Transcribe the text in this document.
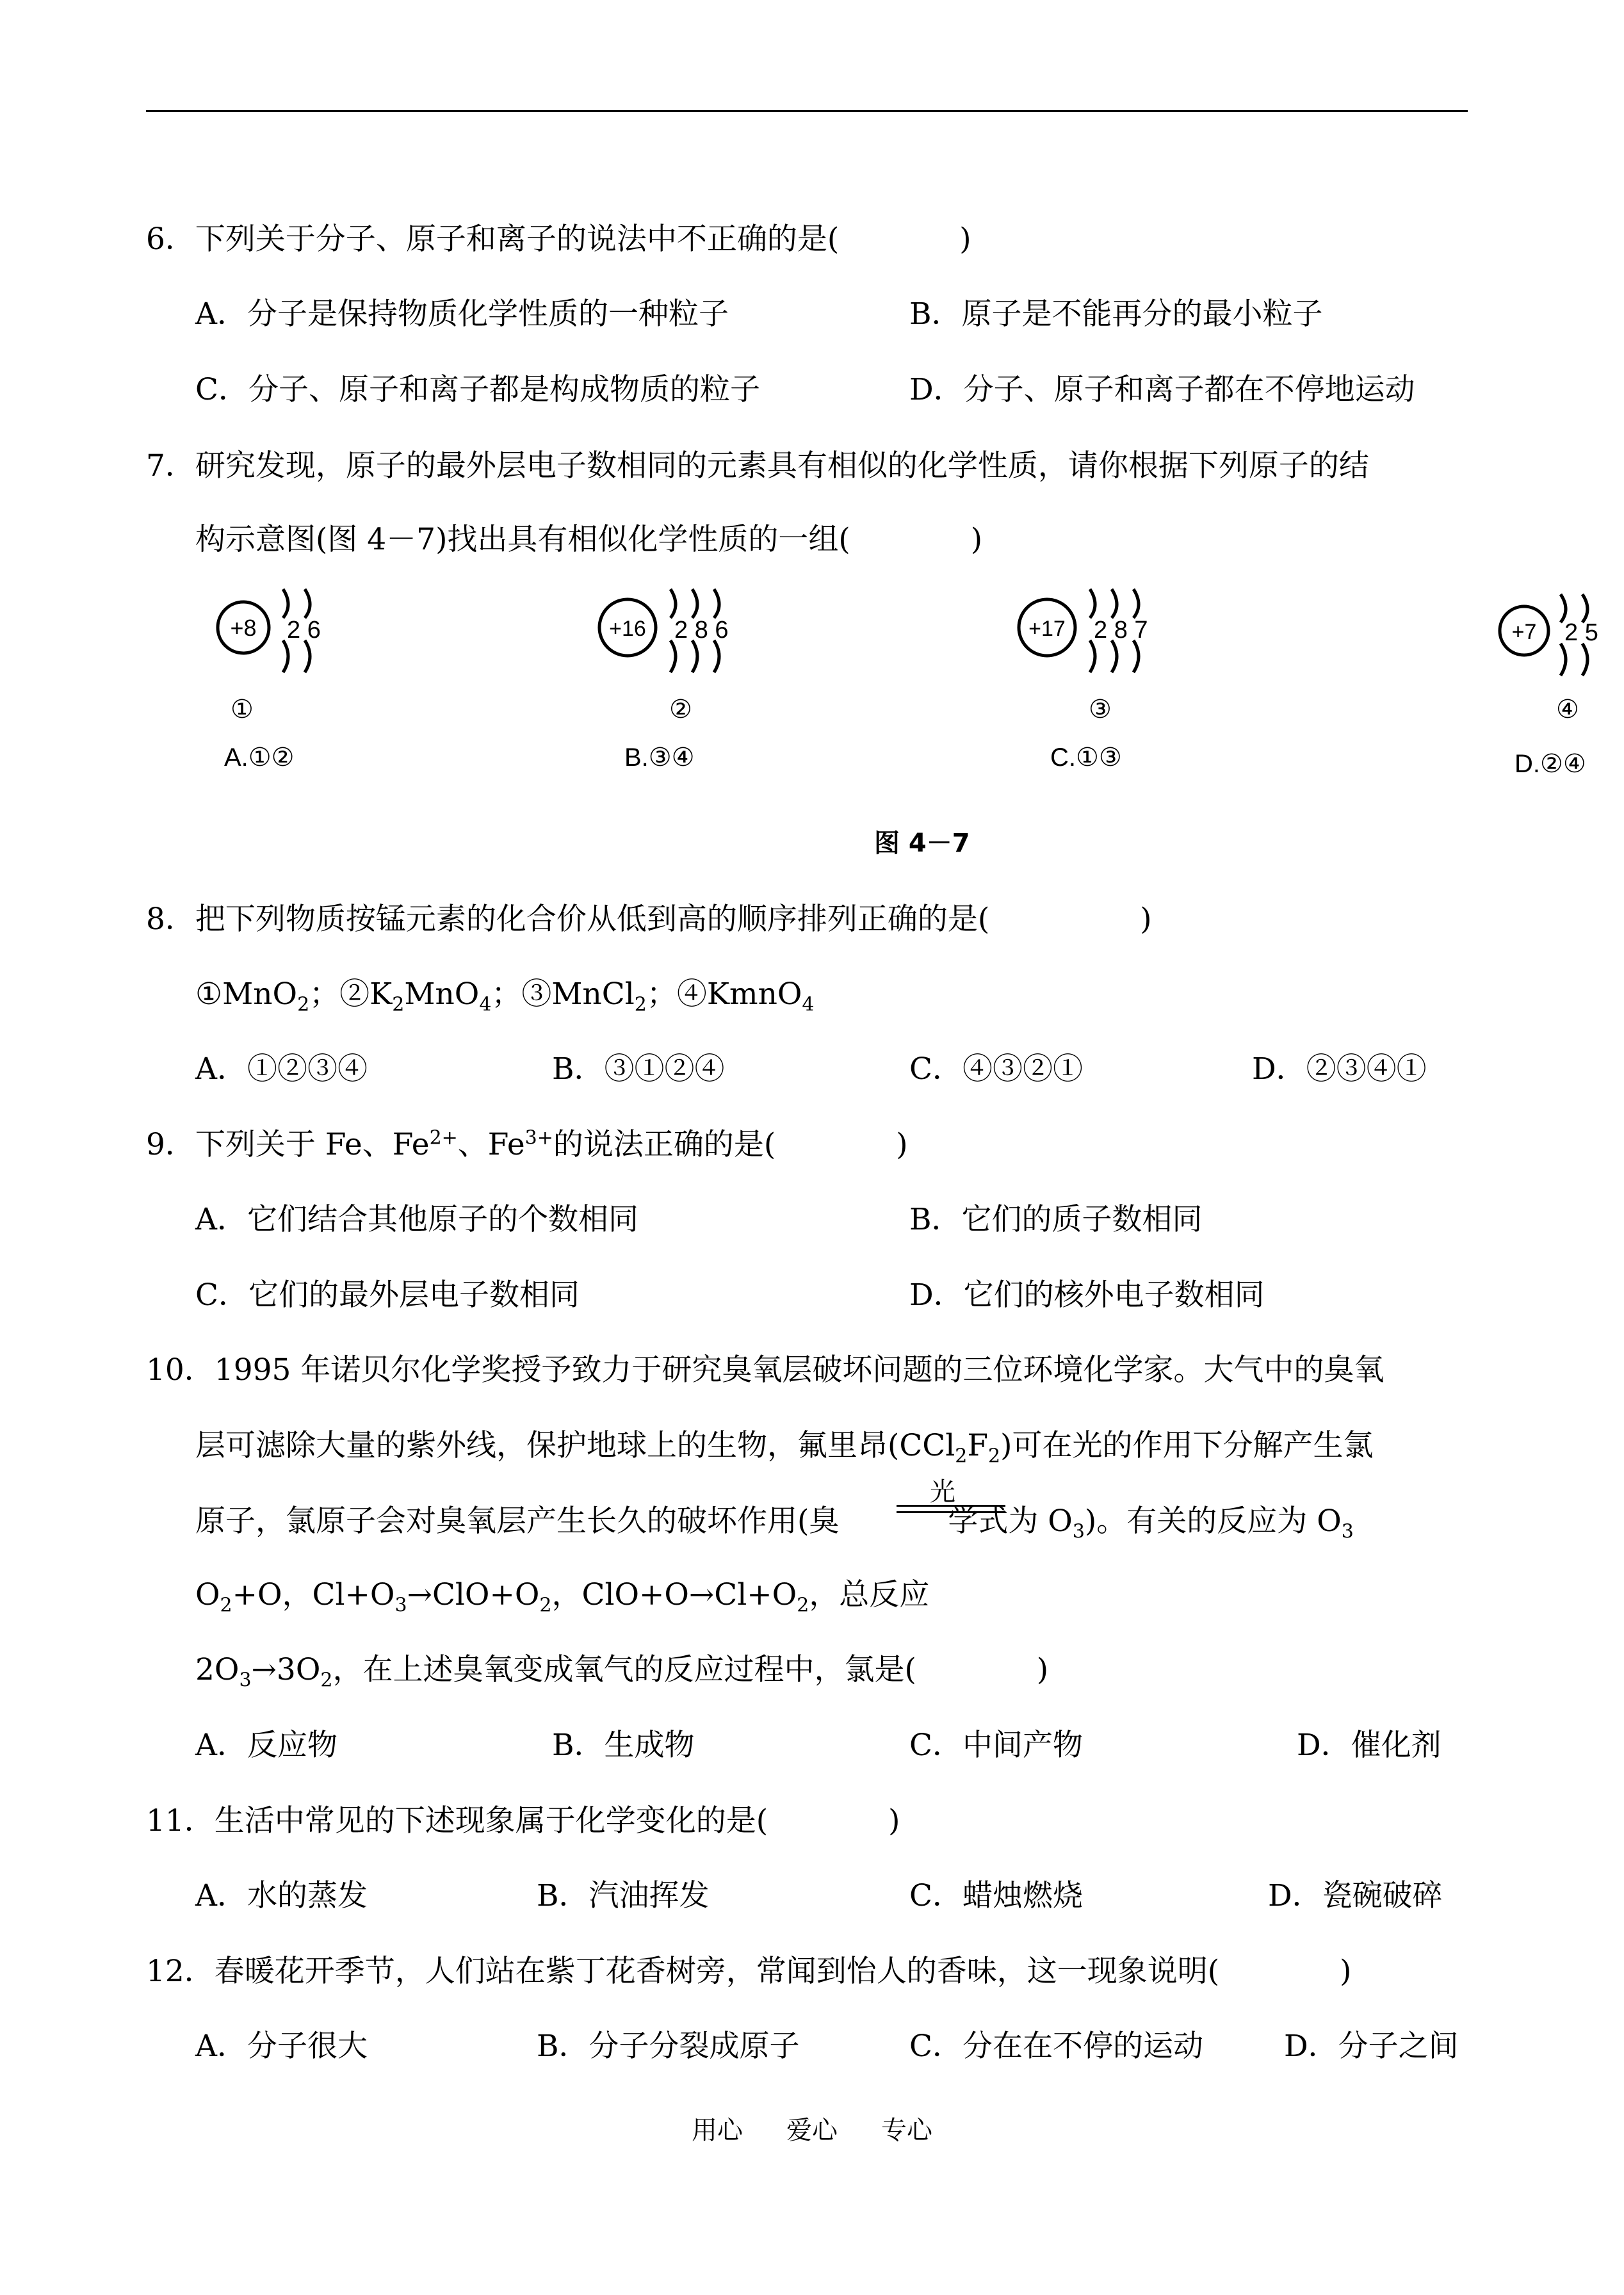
6．下列关于分子、原子和离子的说法中不正确的是(　　　　)
A．分子是保持物质化学性质的一种粒子	B．原子是不能再分的最小粒子
C．分子、原子和离子都是构成物质的粒子	D．分子、原子和离子都在不停地运动
7．研究发现，原子的最外层电子数相同的元素具有相似的化学性质，请你根据下列原子的结
构示意图(图 4－7)找出具有相似化学性质的一组(　　　　)
+8 2 6
①
A.①②
+16 2 8 6
②
B.③④
+17 2 8 7
③
C.①③
+7 2 5
④
D.②④
图 4－7
8．把下列物质按锰元素的化合价从低到高的顺序排列正确的是(　　　　　)
①MnO$_2$；$②K_2MnO_4$；③MnCl$_2$；④KmnO$_4$
A．①②③④	B．③①②④	C．④③②①	D．②③④①
9．下列关于 Fe、$Fe^{2+}$、$Fe^{3+}$的说法正确的是(　　　　)
A．它们结合其他原子的个数相同	B．它们的质子数相同
C．它们的最外层电子数相同	D．它们的核外电子数相同
10．1995 年诺贝尔化学奖授予致力于研究臭氧层破坏问题的三位环境化学家。大气中的臭氧
层可滤除大量的紫外线，保护地球上的生物，氟里昂$(CCl_2F_2)$可在光的作用下分解产生氯
光
原子，氯原子会对臭氧层产生长久的破坏作用(臭	学式为 $O_3$)。有关的反应为 $O_3$
$O_2+O$，$Cl+O_3\to ClO+O_2$，$ClO+O\to Cl+O_2$，总反应
$2O_3\to 3O_2$，在上述臭氧变成氧气的反应过程中，氯是(　　　　)
A．反应物	B．生成物	C．中间产物	D．催化剂
11．生活中常见的下述现象属于化学变化的是(　　　　)
A．水的蒸发	B．汽油挥发	C．蜡烛燃烧	D．瓷碗破碎
12．春暖花开季节，人们站在紫丁花香树旁，常闻到怡人的香味，这一现象说明(　　　　)
A．分子很大	B．分子分裂成原子	C．分在在不停的运动	D．分子之间
用心 爱心 专心
